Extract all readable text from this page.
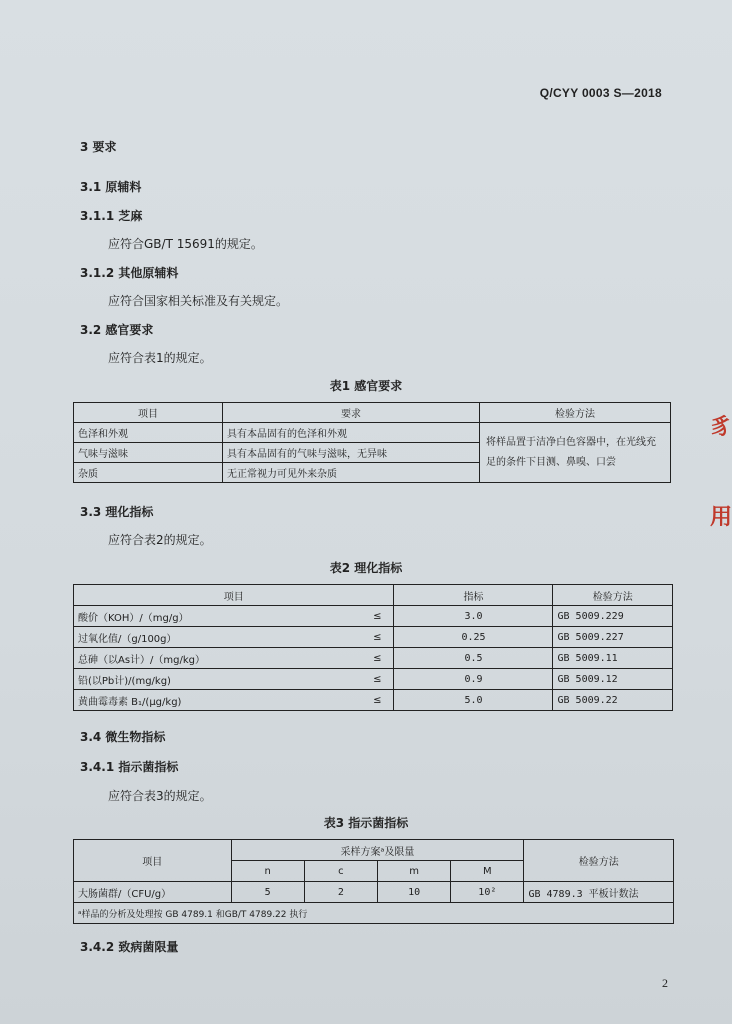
Q/CYY 0003 S—2018
3 要求
3.1 原辅料
3.1.1 芝麻
应符合GB/T 15691的规定。
3.1.2 其他原辅料
应符合国家相关标准及有关规定。
3.2 感官要求
应符合表1的规定。
表1 感官要求
项目	要求	检验方法
色泽和外观	具有本品固有的色泽和外观	将样品置于洁净白色容器中，在光线充足的条件下目测、鼻嗅、口尝
气味与滋味	具有本品固有的气味与滋味，无异味	
杂质	无正常视力可见外来杂质	
3.3 理化指标
应符合表2的规定。
表2 理化指标
项目		指标	检验方法
酸价（KOH）/（mg/g）	≤	3.0	GB 5009.229
过氧化值/（g/100g）	≤	0.25	GB 5009.227
总砷（以As计）/（mg/kg）	≤	0.5	GB 5009.11
铅(以Pb计)/(mg/kg)	≤	0.9	GB 5009.12
黄曲霉毒素 B₁/(μg/kg)	≤	5.0	GB 5009.22
3.4 微生物指标
3.4.1 指示菌指标
应符合表3的规定。
表3 指示菌指标
项目	采样方案ᵃ及限量				检验方法
	n	c	m	M	
大肠菌群/（CFU/g）	5	2	10	10²	GB 4789.3 平板计数法
ᵃ样品的分析及处理按 GB 4789.1 和GB/T 4789.22 执行					
3.4.2 致病菌限量
2
豸
用
